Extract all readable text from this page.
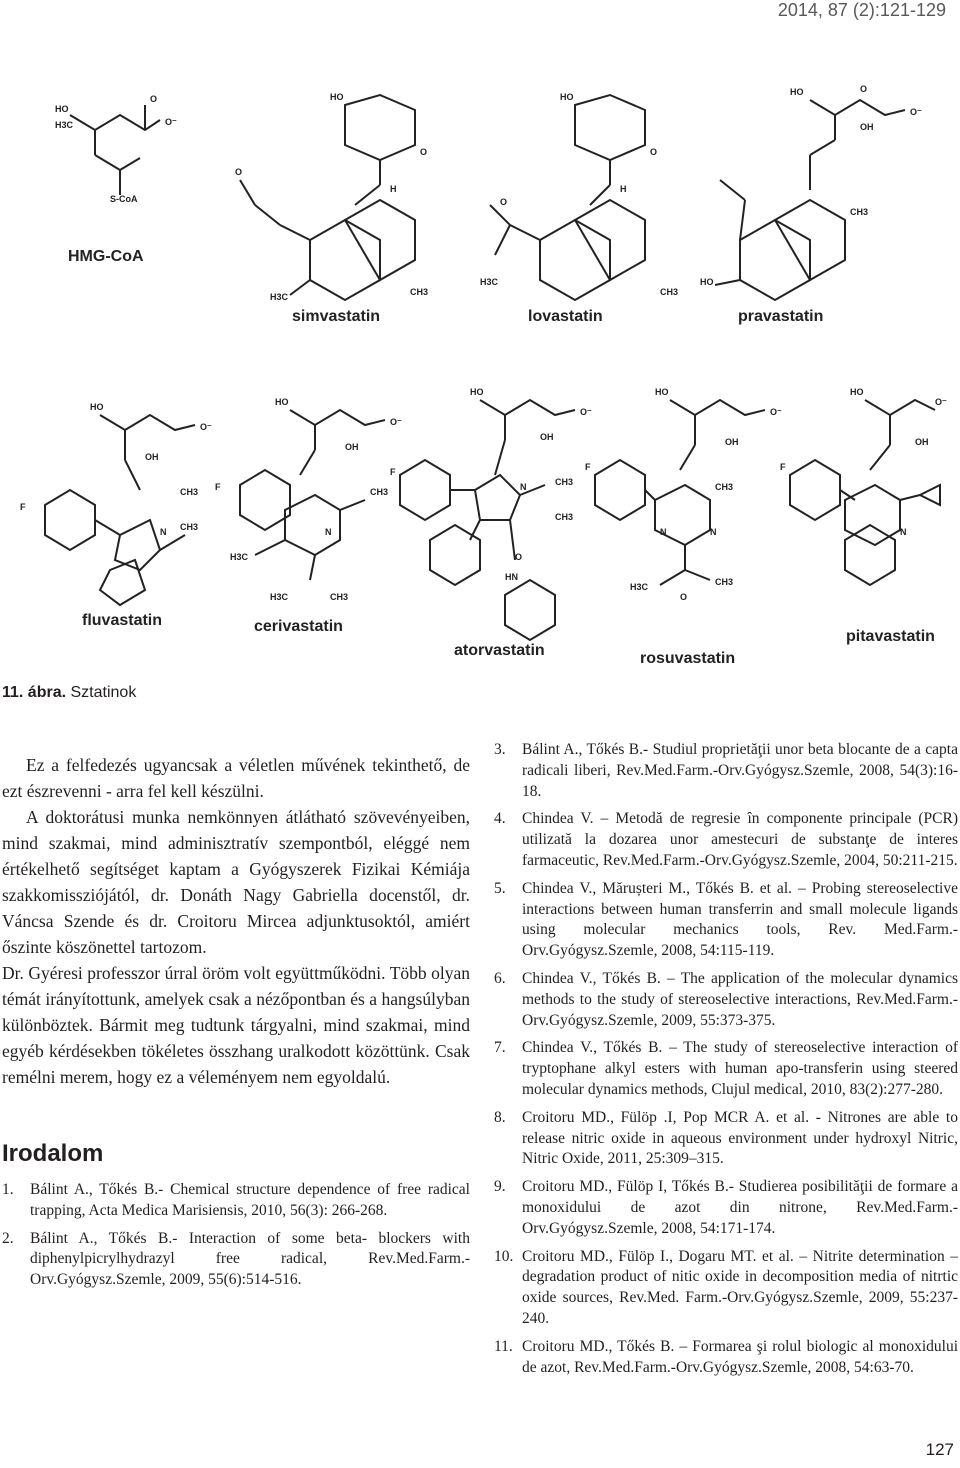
2014, 87 (2):121-129
HO
H3C
O
O⁻
S-CoA
HO
O
H
H3C	CH3
O
HO
O
H
H3C
CH3
O
HO	O
O⁻
OH
HO
CH3
HO
O⁻
OH
F
CH3
CH3
N
HO
O⁻
OH
F	CH3
H3C
N
H3C	CH3
HO
O⁻
OH
F
N	CH3
CH3
HN
O
HO
O⁻
OH
F
CH3
N	N
H3C	CH3
O
HO
O⁻
OH
F
N
HMG-CoA
simvastatin	lovastatin	pravastatin
fluvastatin	cerivastatin
atorvastatin	rosuvastatin
pitavastatin
11. ábra. Sztatinok

Ez a felfedezés ugyancsak a véletlen művének tekinthető, de ezt észrevenni - arra fel kell készülni.

A doktorátusi munka nemkönnyen átlátható szövevényeiben, mind szakmai, mind adminisztratív szempontból, eléggé nem értékelhető segítséget kaptam a Gyógyszerek Fizikai Kémiája szakkomissziójától, dr. Donáth Nagy Gabriella docenstől, dr. Váncsa Szende és dr. Croitoru Mircea adjunktusoktól, amiért őszinte köszönettel tartozom.

Dr. Gyéresi professzor úrral öröm volt együttműködni. Több olyan témát irányítottunk, amelyek csak a nézőpontban és a hangsúlyban különböztek. Bármit meg tudtunk tárgyalni, mind szakmai, mind egyéb kérdésekben tökéletes összhang uralkodott közöttünk. Csak remélni merem, hogy ez a véleményem nem egyoldalú.

Irodalom
1. Bálint A., Tőkés B.- Chemical structure dependence of free radical trapping, Acta Medica Marisiensis, 2010, 56(3): 266-268.
2. Bálint A., Tőkés B.- Interaction of some beta- blockers with diphenylpicrylhydrazyl free radical, Rev.Med.Farm.-Orv.Gyógysz.Szemle, 2009, 55(6):514-516.
3. Bálint A., Tőkés B.- Studiul proprietăţii unor beta blocante de a capta radicali liberi, Rev.Med.Farm.-Orv.Gyógysz.Szemle, 2008, 54(3):16-18.
4. Chindea V. – Metodă de regresie în componente principale (PCR) utilizată la dozarea unor amestecuri de substanţe de interes farmaceutic, Rev.Med.Farm.-Orv.Gyógysz.Szemle, 2004, 50:211-215.
5. Chindea V., Mărușteri M., Tőkés B. et al. – Probing stereoselective interactions between human transferrin and small molecule ligands using molecular mechanics tools, Rev. Med.Farm.-Orv.Gyógysz.Szemle, 2008, 54:115-119.
6. Chindea V., Tőkés B. – The application of the molecular dynamics methods to the study of stereoselective interactions, Rev.Med.Farm.-Orv.Gyógysz.Szemle, 2009, 55:373-375.
7. Chindea V., Tőkés B. – The study of stereoselective interaction of tryptophane alkyl esters with human apo-transferin using steered molecular dynamics methods, Clujul medical, 2010, 83(2):277-280.
8. Croitoru MD., Fülöp .I, Pop MCR A. et al. - Nitrones are able to release nitric oxide in aqueous environment under hydroxyl Nitric, Nitric Oxide, 2011, 25:309–315.
9. Croitoru MD., Fülöp I, Tőkés B.- Studierea posibilităţii de formare a monoxidului de azot din nitrone, Rev.Med.Farm.-Orv.Gyógysz.Szemle, 2008, 54:171-174.
10. Croitoru MD., Fülöp I., Dogaru MT. et al. – Nitrite determination – degradation product of nitic oxide in decomposition media of nitrtic oxide sources, Rev.Med. Farm.-Orv.Gyógysz.Szemle, 2009, 55:237-240.
11. Croitoru MD., Tőkés B. – Formarea şi rolul biologic al monoxidului de azot, Rev.Med.Farm.-Orv.Gyógysz.Szemle, 2008, 54:63-70.
127
